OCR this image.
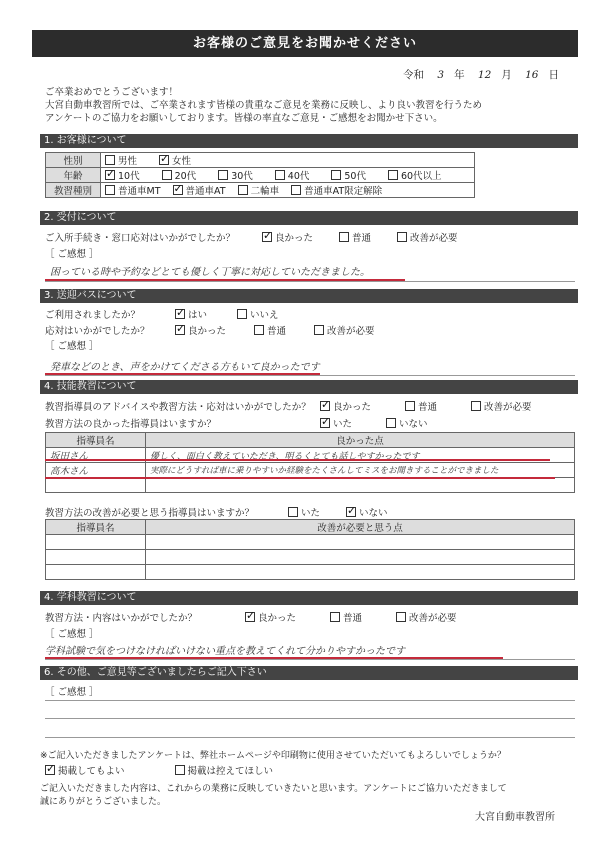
お客様のご意見をお聞かせください
令和 3 年 12 月 16 日
ご卒業おめでとうございます！
大宮自動車教習所では、ご卒業されます皆様の貴重なご意見を業務に反映し、より良い教習を行うため
アンケートのご協力をお願いしております。皆様の率直なご意見・ご感想をお聞かせ下さい。
1. お客様について
性別	男性 ✓ 女性
年齢	✓10代 20代 30代 40代 50代 60代以上
教習種別	普通車MT ✓ 普通車AT 二輪車 普通車AT限定解除
2. 受付について
ご入所手続き・窓口応対はいかがでしたか？ ✓	良かった	普通	改善が必要
［ ご感想 ］
困っている時や予約などとても優しく丁寧に対応していただきました。
3. 送迎バスについて
ご利用されましたか？ ✓	はい	いいえ
応対はいかがでしたか？ ✓	良かった	普通	改善が必要
［ ご感想 ］
発車などのとき、声をかけてくださる方もいて良かったです
4. 技能教習について
教習指導員のアドバイスや教習方法・応対はいかがでしたか？ ✓	良かった	普通	改善が必要
教習方法の良かった指導員はいますか？ ✓	いた	いない
指導員名	良かった点
坂田さん	優しく、面白く教えていただき、明るくとても話しやすかったです
高木さん	実際にどうすれば車に乗りやすいか経験をたくさんしてミスをお聞きすることができました

教習方法の改善が必要と思う指導員はいますか？	いた ✓	いない
指導員名	改善が必要と思う点

4. 学科教習について
教習方法・内容はいかがでしたか？ ✓	良かった	普通	改善が必要
［ ご感想 ］
学科試験で気をつけなければいけない重点を教えてくれて分かりやすかったです
6. その他、ご意見等ございましたらご記入下さい
［ ご感想 ］
※ご記入いただきましたアンケートは、弊社ホームページや印刷物に使用させていただいてもよろしいでしょうか？
✓掲載してもよい	掲載は控えてほしい
ご記入いただきました内容は、これからの業務に反映していきたいと思います。アンケートにご協力いただきまして
誠にありがとうございました。
大宮自動車教習所
